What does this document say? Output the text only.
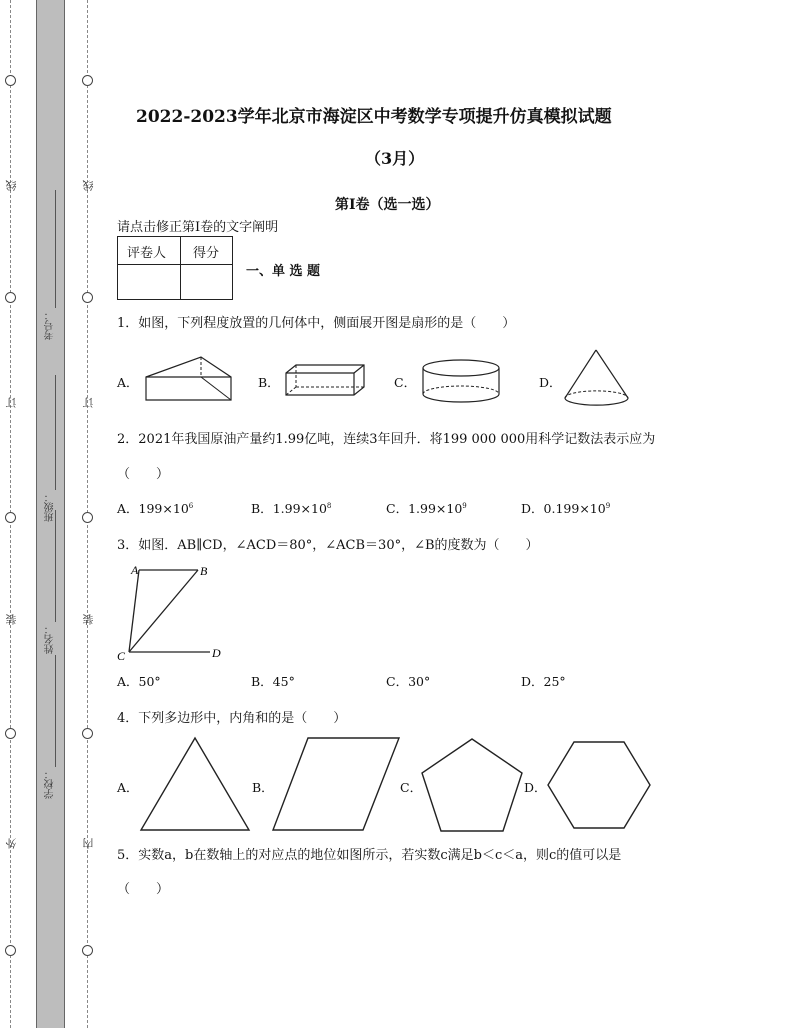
线
订
装
外
线
订
装
内
考号：
班级：
姓名：
学校：
2022-2023学年北京市海淀区中考数学专项提升仿真模拟试题
（3月）
第I卷（选一选）
请点击修正第I卷的文字阐明
评卷人 得分
一、单 选 题
1．如图，下列程度放置的几何体中，侧面展开图是扇形的是（　　）
A．	B．	C．	D．
2．2021年我国原油产量约1.99亿吨，连续3年回升．将199 000 000用科学记数法表示应为
（　　）
A．$199\times 10^6$	B．$1.99\times 10^8$	C．$1.99\times 10^9$	D．$0.199\times 10^9$
3．如图．AB∥CD，∠ACD＝80°，∠ACB＝30°，∠B的度数为（　　）
A	B
C	D
A．50°	B．45°	C．30°	D．25°
4．下列多边形中，内角和的是（　　）
A．	B．	C．	D．
5．实数a，b在数轴上的对应点的地位如图所示，若实数c满足b＜c＜a，则c的值可以是
（　　）
